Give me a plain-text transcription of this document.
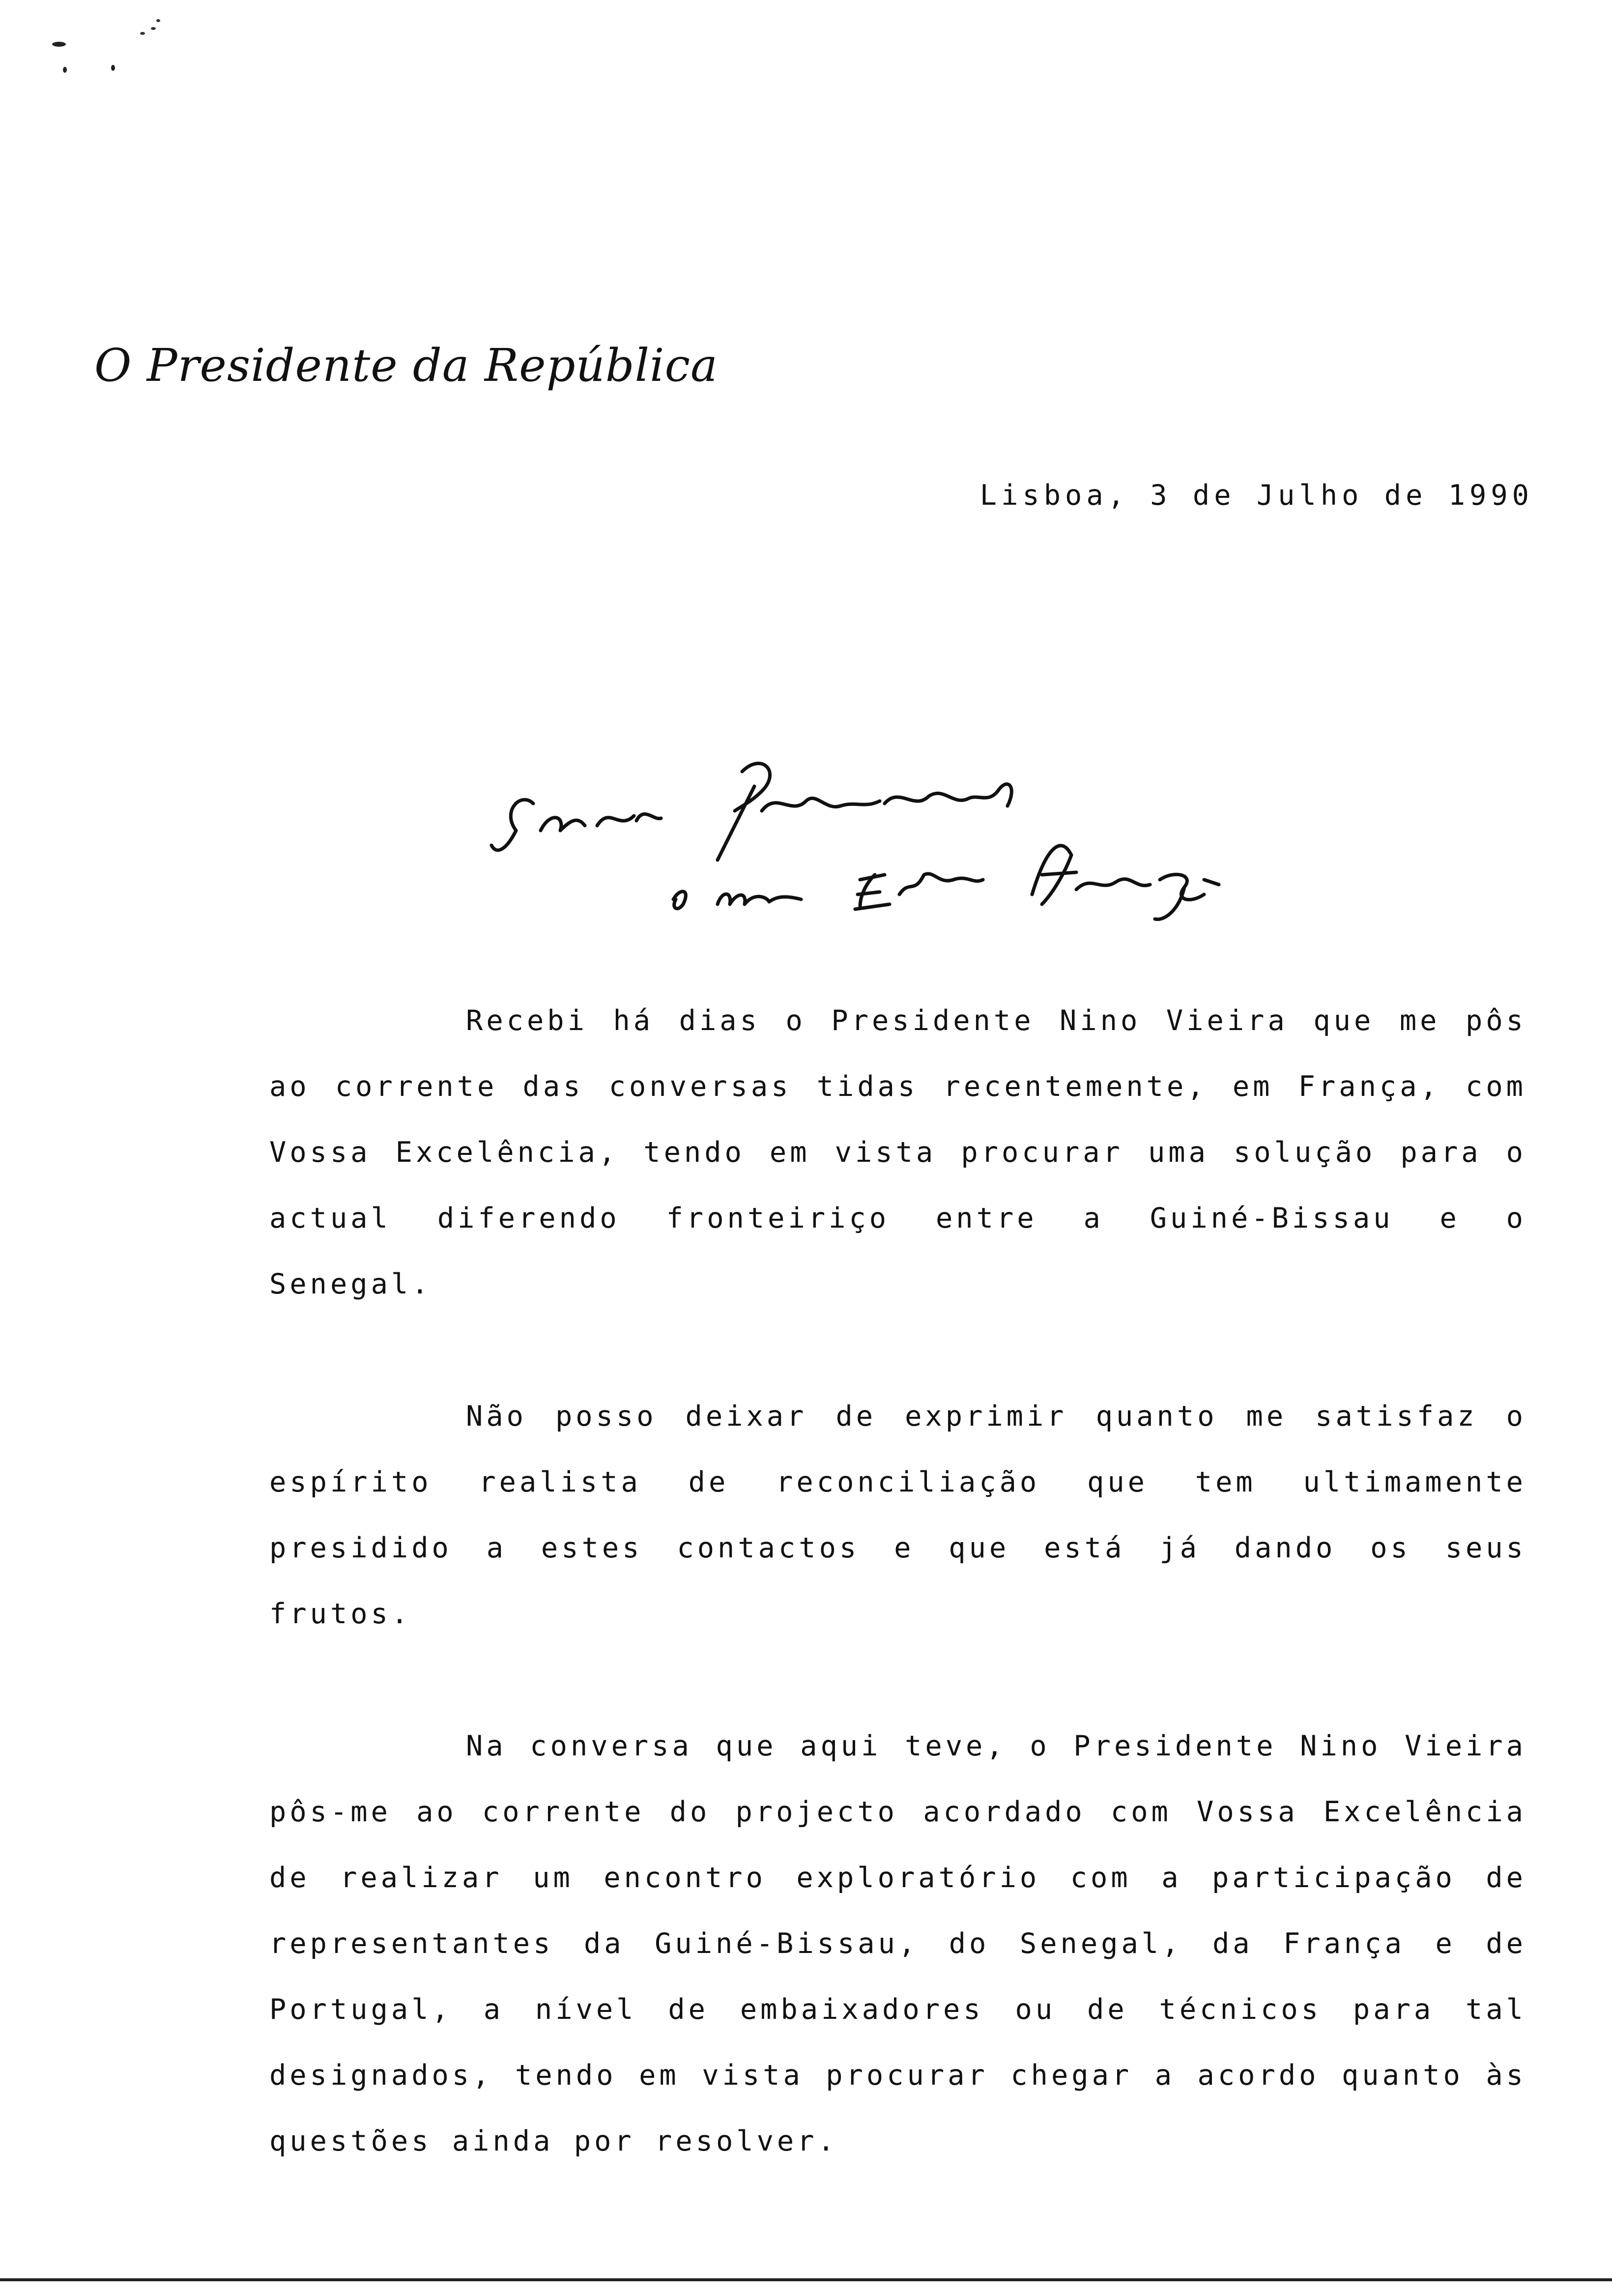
O Presidente da República
Lisboa, 3 de Julho de 1990

Recebi há dias o Presidente Nino Vieira que me pôs ao corrente das conversas tidas recentemente, em França, com Vossa Excelência, tendo em vista procurar uma solução para o actual diferendo fronteiriço entre a Guiné-Bissau e o Senegal.

Não posso deixar de exprimir quanto me satisfaz o espírito realista de reconciliação que tem ultimamente presidido a estes contactos e que está já dando os seus frutos.

Na conversa que aqui teve, o Presidente Nino Vieira pôs-me ao corrente do projecto acordado com Vossa Excelência de realizar um encontro exploratório com a participação de representantes da Guiné-Bissau, do Senegal, da França e de Portugal, a nível de embaixadores ou de técnicos para tal designados, tendo em vista procurar chegar a acordo quanto às questões ainda por resolver.
